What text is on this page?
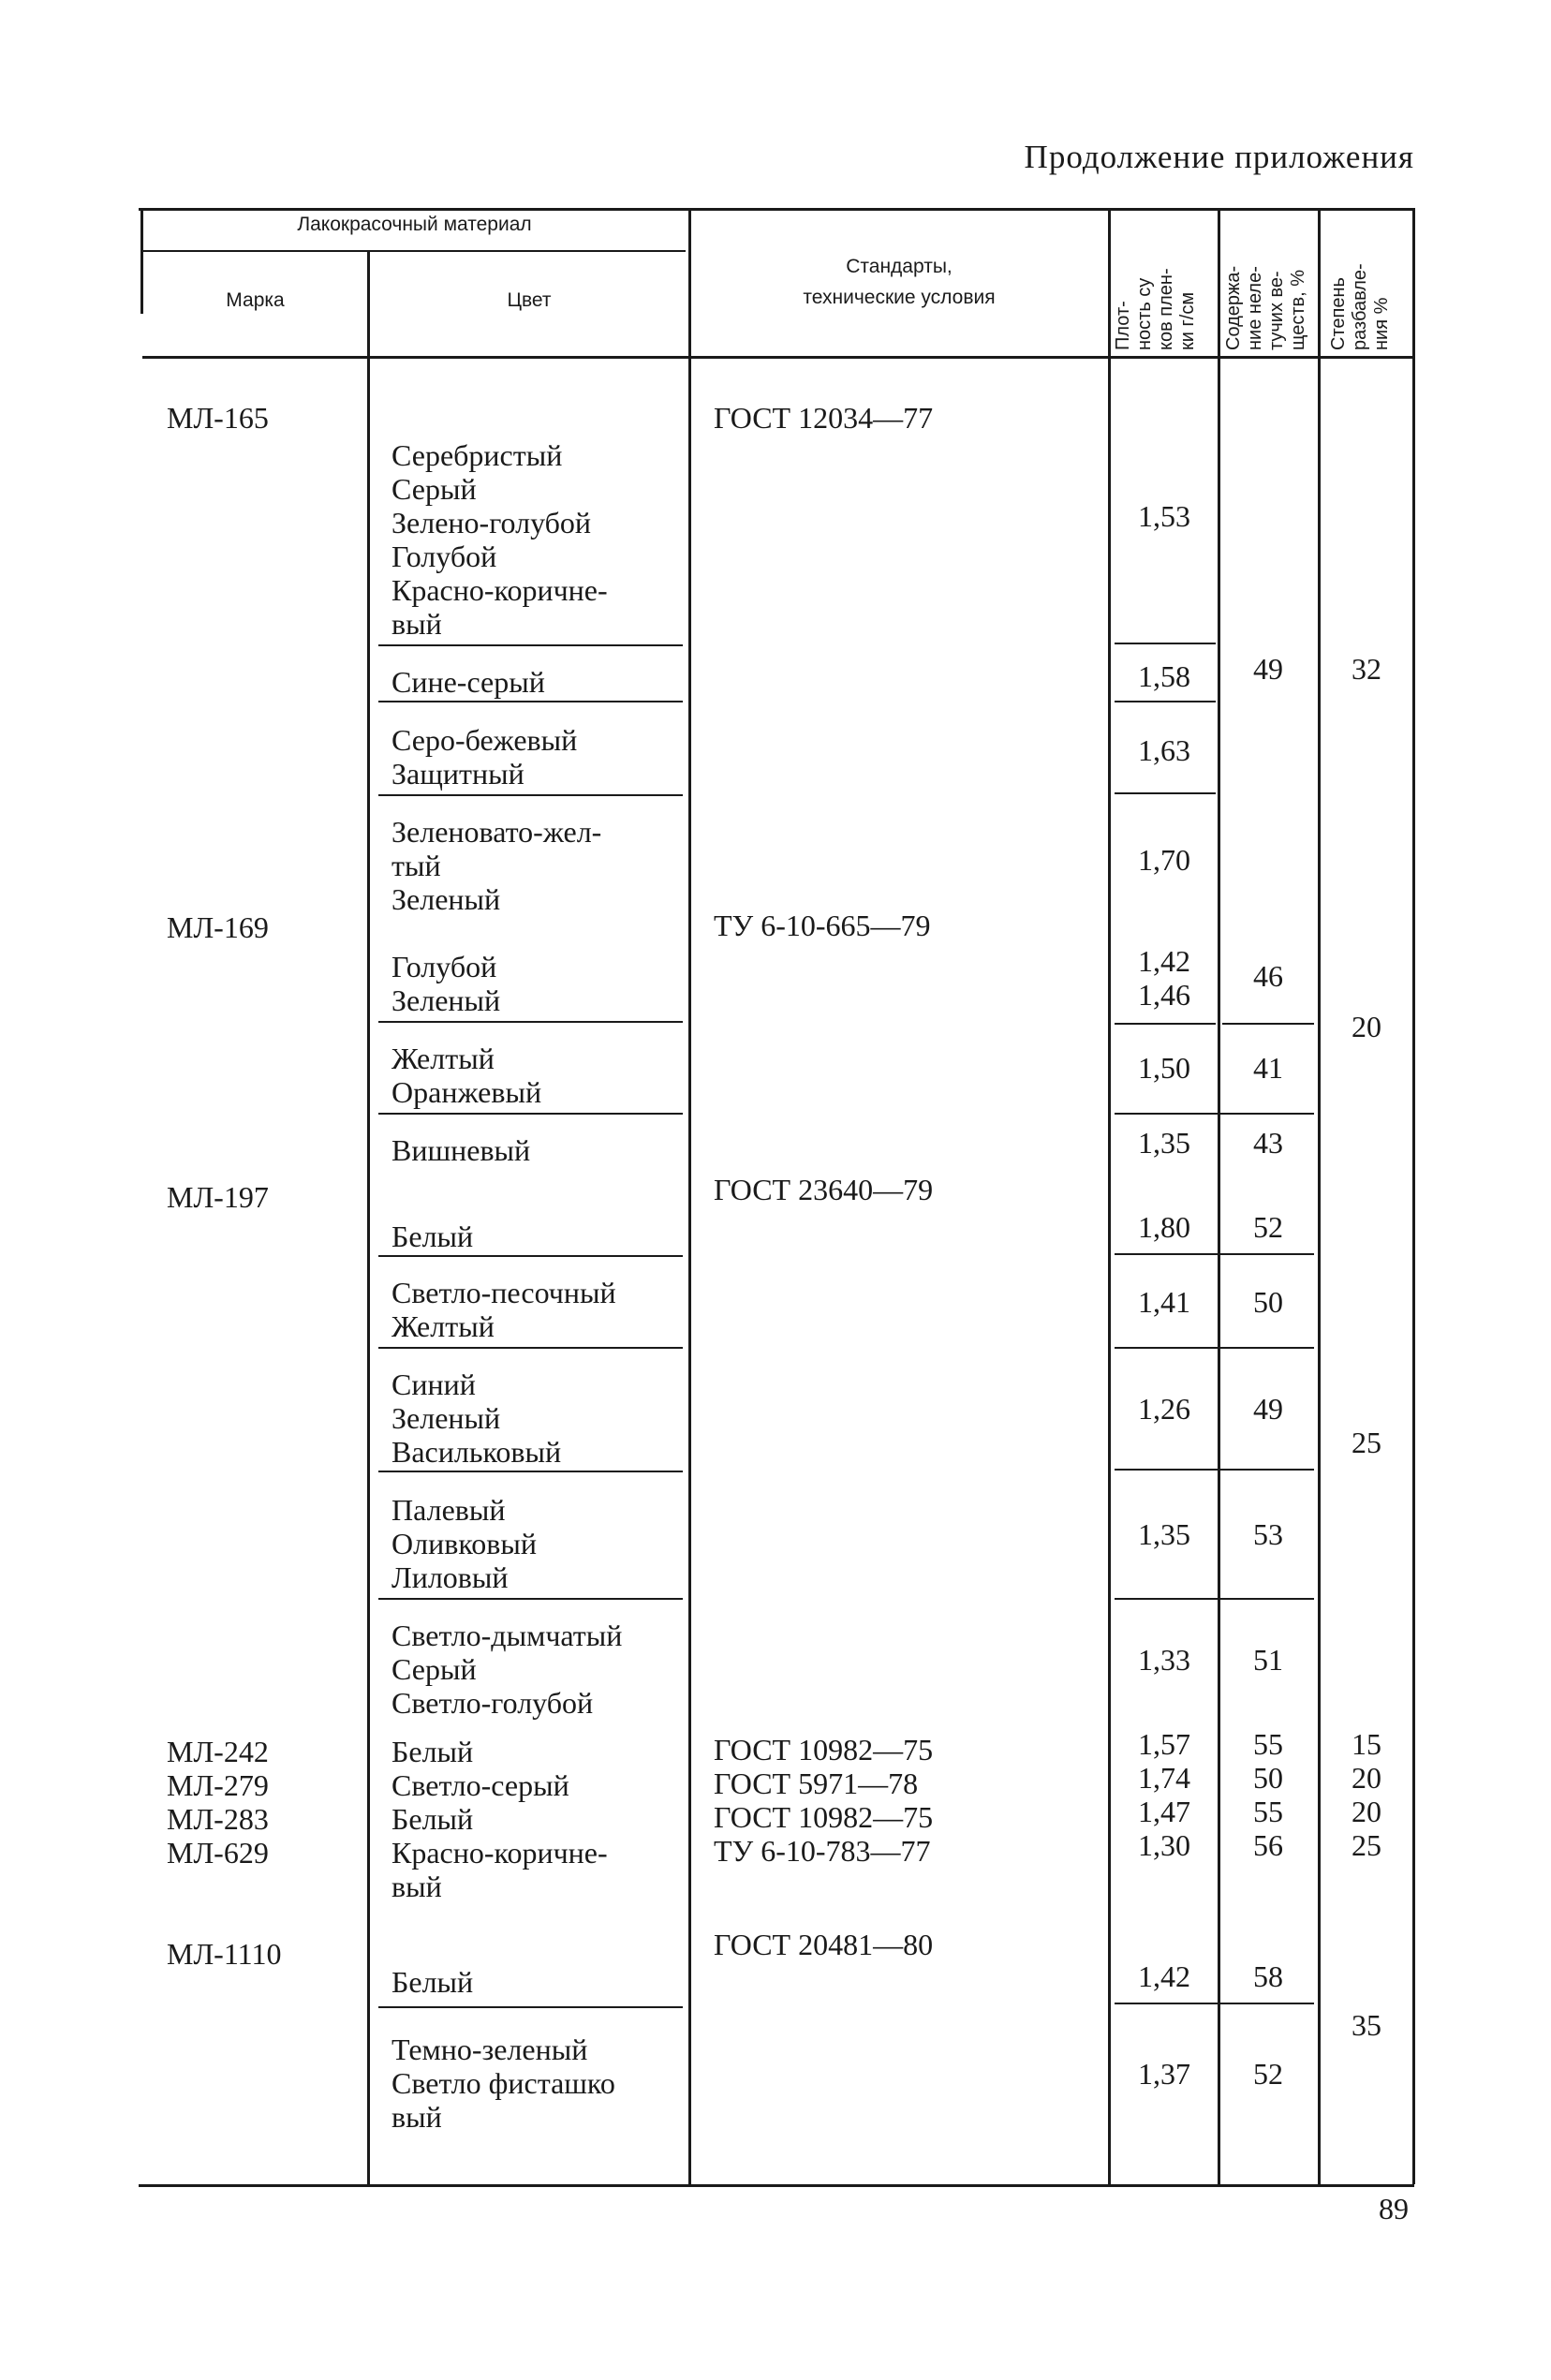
Продолжение приложения
Лакокрасочный материал
Марка	Цвет
Стандарты,
технические условия
Плот- ность су ков плен- ки г/см Содержа- ние неле- тучих ве- ществ, % Степень разбавле- ния %
МЛ-165
МЛ-169
МЛ-197
МЛ-242
МЛ-279
МЛ-283
МЛ-629
МЛ-1110
ГОСТ 12034—77
ТУ 6-10-665—79
ГОСТ 23640—79
ГОСТ 10982—75
ГОСТ 5971—78
ГОСТ 10982—75
ТУ 6-10-783—77
ГОСТ 20481—80
Серебристый
Серый
Зелено-голубой
Голубой
Красно-коричне-
вый
Сине-серый
Серо-бежевый
Защитный
Зеленовато-жел-
тый
Зеленый
Голубой
Зеленый
Желтый
Оранжевый
Вишневый
Белый
Светло-песочный
Желтый
Синий
Зеленый
Васильковый
Палевый
Оливковый
Лиловый
Светло-дымчатый
Серый
Светло-голубой
Белый
Светло-серый
Белый
Красно-коричне-
вый
Белый
Темно-зеленый
Светло фисташко
вый
1,53
1,58
1,63
1,70
1,42
1,46
1,50
1,35
1,80
1,41
1,26
1,35
1,33
1,57
1,74
1,47
1,30
1,42
1,37
49
46
41
43
52
50
49
53
51
55
50
55
56
58
52
32
20
25
15
20
20
25
35
89
